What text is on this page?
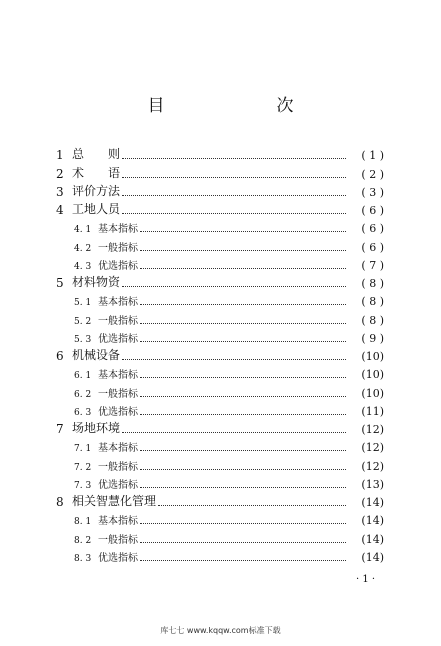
目　　次
1 总　　则	( 1 )
2 术　　语	( 2 )
3 评价方法	( 3 )
4 工地人员	( 6 )
4. 1 基本指标	( 6 )
4. 2 一般指标	( 6 )
4. 3 优选指标	( 7 )
5 材料物资	( 8 )
5. 1 基本指标	( 8 )
5. 2 一般指标	( 8 )
5. 3 优选指标	( 9 )
6 机械设备	(10)
6. 1 基本指标	(10)
6. 2 一般指标	(10)
6. 3 优选指标	(11)
7 场地环境	(12)
7. 1 基本指标	(12)
7. 2 一般指标	(12)
7. 3 优选指标	(13)
8 相关智慧化管理	(14)
8. 1 基本指标	(14)
8. 2 一般指标	(14)
8. 3 优选指标	(14)
· 1 ·
库七七 www.kqqw.com标准下载
